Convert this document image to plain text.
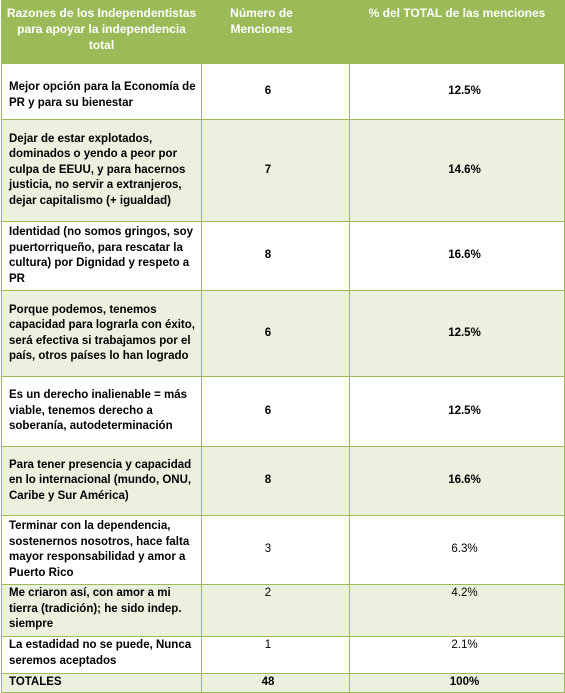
Razones de los Independentistas para apoyar la independencia total	Número de Menciones	% del TOTAL de las menciones

Mejor opción para la Economía de PR y para su bienestar	6	12.5%
Dejar de estar explotados, dominados o yendo a peor por culpa de EEUU, y para hacernos justicia, no servir a extranjeros, dejar capitalismo (+ igualdad)	7	14.6%
Identidad (no somos gringos, soy puertorriqueño, para rescatar la cultura) por Dignidad y respeto a PR	8	16.6%
Porque podemos, tenemos capacidad para lograrla con éxito, será efectiva si trabajamos por el país, otros países lo han logrado	6	12.5%
Es un derecho inalienable = más viable, tenemos derecho a soberanía, autodeterminación	6	12.5%
Para tener presencia y capacidad en lo internacional (mundo, ONU, Caribe y Sur América)	8	16.6%
Terminar con la dependencia, sostenernos nosotros, hace falta mayor responsabilidad y amor a Puerto Rico	3	6.3%

Me criaron así, con amor a mi tierra (tradición); he sido indep. siempre	2	4.2%
La estadidad no se puede, Nunca seremos aceptados	1	2.1%
TOTALES	48	100%
